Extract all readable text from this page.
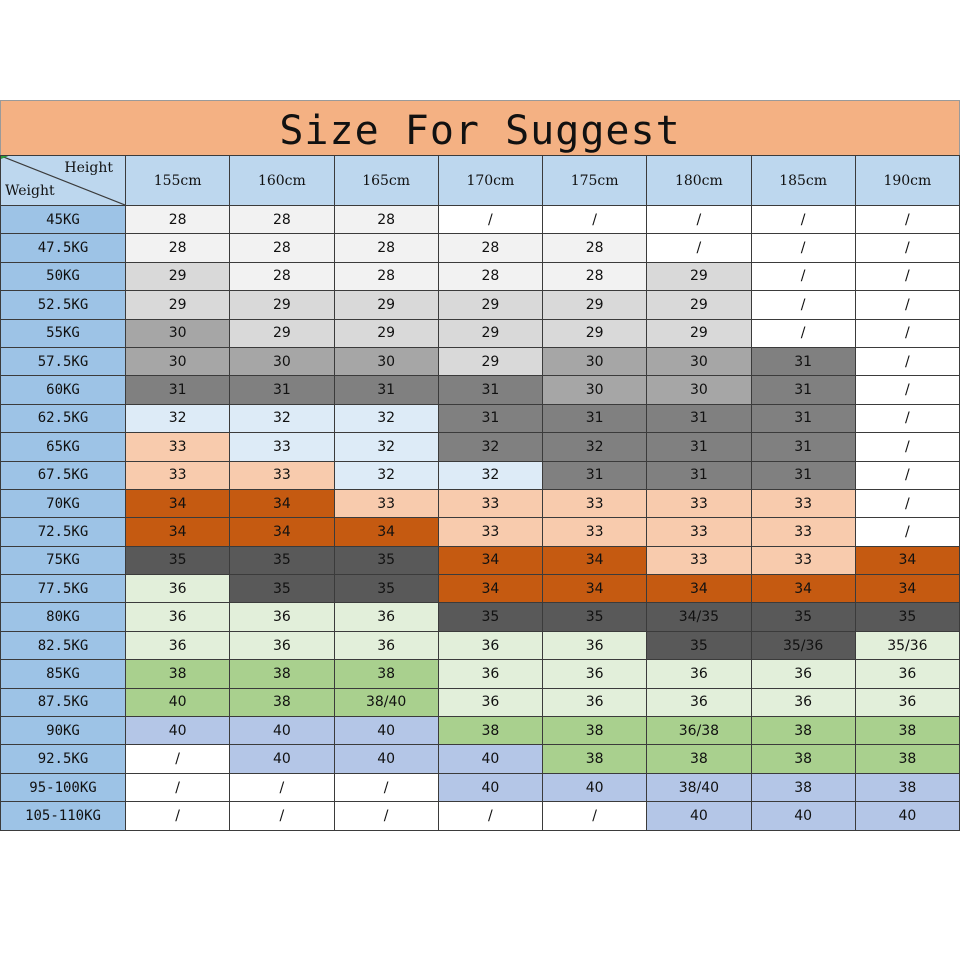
Size For Suggest
Height
Weight	155cm	160cm	165cm	170cm	175cm	180cm	185cm	190cm
45KG	28	28	28	/	/	/	/	/
47.5KG	28	28	28	28	28	/	/	/
50KG	29	28	28	28	28	29	/	/
52.5KG	29	29	29	29	29	29	/	/
55KG	30	29	29	29	29	29	/	/
57.5KG	30	30	30	29	30	30	31	/
60KG	31	31	31	31	30	30	31	/
62.5KG	32	32	32	31	31	31	31	/
65KG	33	33	32	32	32	31	31	/
67.5KG	33	33	32	32	31	31	31	/
70KG	34	34	33	33	33	33	33	/
72.5KG	34	34	34	33	33	33	33	/
75KG	35	35	35	34	34	33	33	34
77.5KG	36	35	35	34	34	34	34	34
80KG	36	36	36	35	35	34/35	35	35
82.5KG	36	36	36	36	36	35	35/36	35/36
85KG	38	38	38	36	36	36	36	36
87.5KG	40	38	38/40	36	36	36	36	36
90KG	40	40	40	38	38	36/38	38	38
92.5KG	/	40	40	40	38	38	38	38
95-100KG	/	/	/	40	40	38/40	38	38
105-110KG	/	/	/	/	/	40	40	40
